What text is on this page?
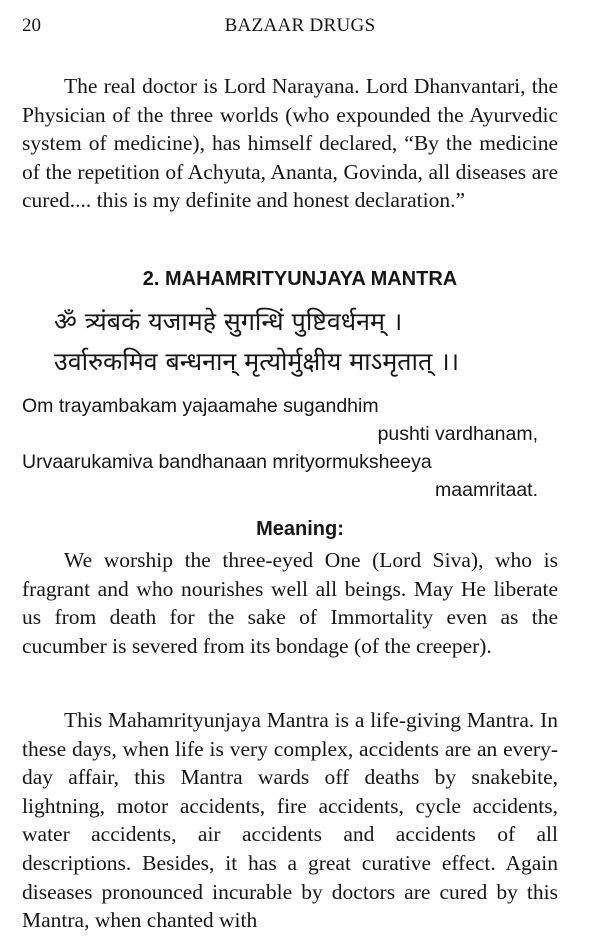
20	BAZAAR DRUGS

The real doctor is Lord Narayana. Lord Dhanvantari, the Physician of the three worlds (who expounded the Ayurvedic system of medicine), has himself declared, “By the medicine of the repetition of Achyuta, Ananta, Govinda, all diseases are cured.... this is my definite and honest declaration.”

2. MAHAMRITYUNJAYA MANTRA
ॐ त्र्यंबकं यजामहे सुगन्धिं पुष्टिवर्धनम् ।
उर्वारुकमिव बन्धनान् मृत्योर्मुक्षीय माऽमृतात् ।।
Om trayambakam yajaamahe sugandhim
pushti vardhanam,
Urvaarukamiva bandhanaan mrityormuksheeya
maamritaat.
Meaning:

We worship the three-eyed One (Lord Siva), who is fragrant and who nourishes well all beings. May He liberate us from death for the sake of Immortality even as the cucumber is severed from its bondage (of the creeper).

This Mahamrityunjaya Mantra is a life-giving Mantra. In these days, when life is very complex, accidents are an every-day affair, this Mantra wards off deaths by snakebite, lightning, motor accidents, fire accidents, cycle accidents, water accidents, air accidents and accidents of all descriptions. Besides, it has a great curative effect. Again diseases pronounced incurable by doctors are cured by this Mantra, when chanted with
